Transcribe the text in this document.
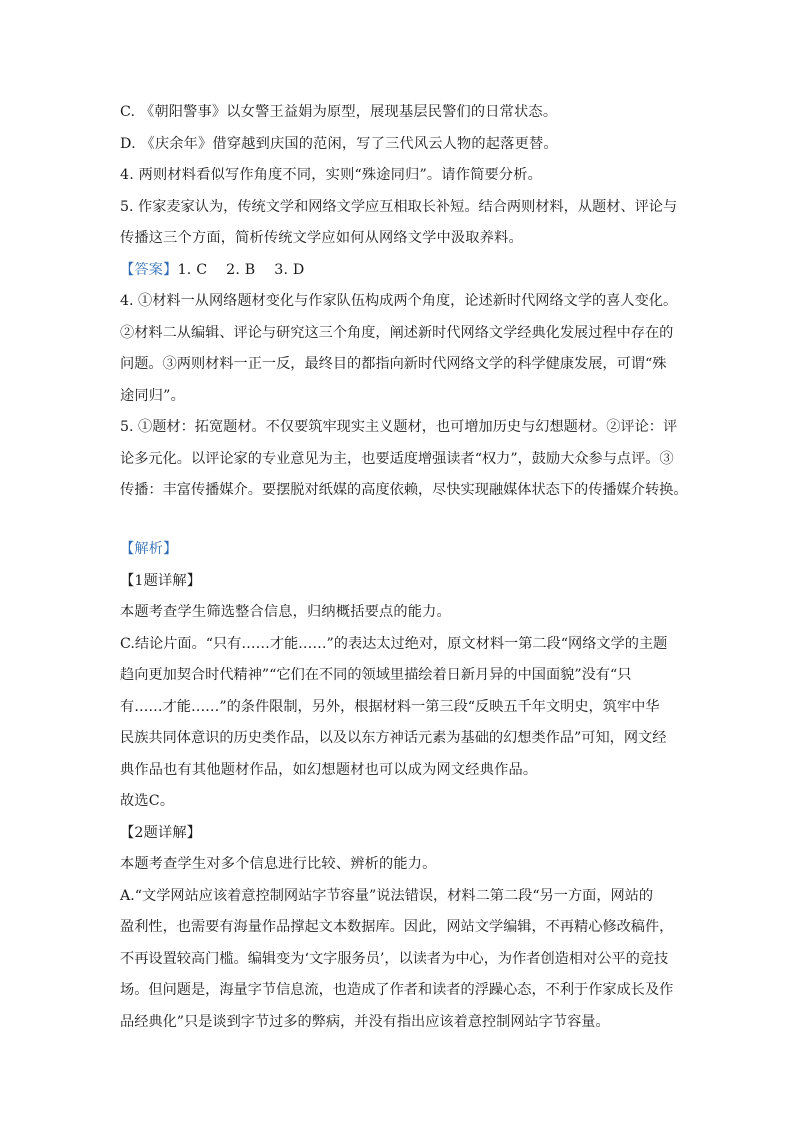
C. 《朝阳警事》以女警王益娟为原型，展现基层民警们的日常状态。
D. 《庆余年》借穿越到庆国的范闲，写了三代风云人物的起落更替。
4. 两则材料看似写作角度不同，实则“殊途同归”。请作简要分析。
5. 作家麦家认为，传统文学和网络文学应互相取长补短。结合两则材料，从题材、评论与
传播这三个方面，简析传统文学应如何从网络文学中汲取养料。
【答案】1. C    2. B    3. D
4. ①材料一从网络题材变化与作家队伍构成两个角度，论述新时代网络文学的喜人变化。
②材料二从编辑、评论与研究这三个角度，阐述新时代网络文学经典化发展过程中存在的
问题。③两则材料一正一反，最终目的都指向新时代网络文学的科学健康发展，可谓“殊
途同归”。
5. ①题材：拓宽题材。不仅要筑牢现实主义题材，也可增加历史与幻想题材。②评论：评
论多元化。以评论家的专业意见为主，也要适度增强读者“权力”，鼓励大众参与点评。③
传播：丰富传播媒介。要摆脱对纸媒的高度依赖，尽快实现融媒体状态下的传播媒介转换。
【解析】
【1题详解】
本题考查学生筛选整合信息，归纳概括要点的能力。
C.结论片面。“只有……才能……”的表达太过绝对，原文材料一第二段“网络文学的主题
趋向更加契合时代精神”“它们在不同的领域里描绘着日新月异的中国面貌”没有“只
有……才能……”的条件限制，另外，根据材料一第三段“反映五千年文明史，筑牢中华
民族共同体意识的历史类作品，以及以东方神话元素为基础的幻想类作品”可知，网文经
典作品也有其他题材作品，如幻想题材也可以成为网文经典作品。
故选C。
【2题详解】
本题考查学生对多个信息进行比较、辨析的能力。
A.“文学网站应该着意控制网站字节容量”说法错误，材料二第二段“另一方面，网站的
盈利性，也需要有海量作品撑起文本数据库。因此，网站文学编辑，不再精心修改稿件，
不再设置较高门槛。编辑变为‘文字服务员’，以读者为中心，为作者创造相对公平的竞技
场。但问题是，海量字节信息流，也造成了作者和读者的浮躁心态，不利于作家成长及作
品经典化”只是谈到字节过多的弊病，并没有指出应该着意控制网站字节容量。
